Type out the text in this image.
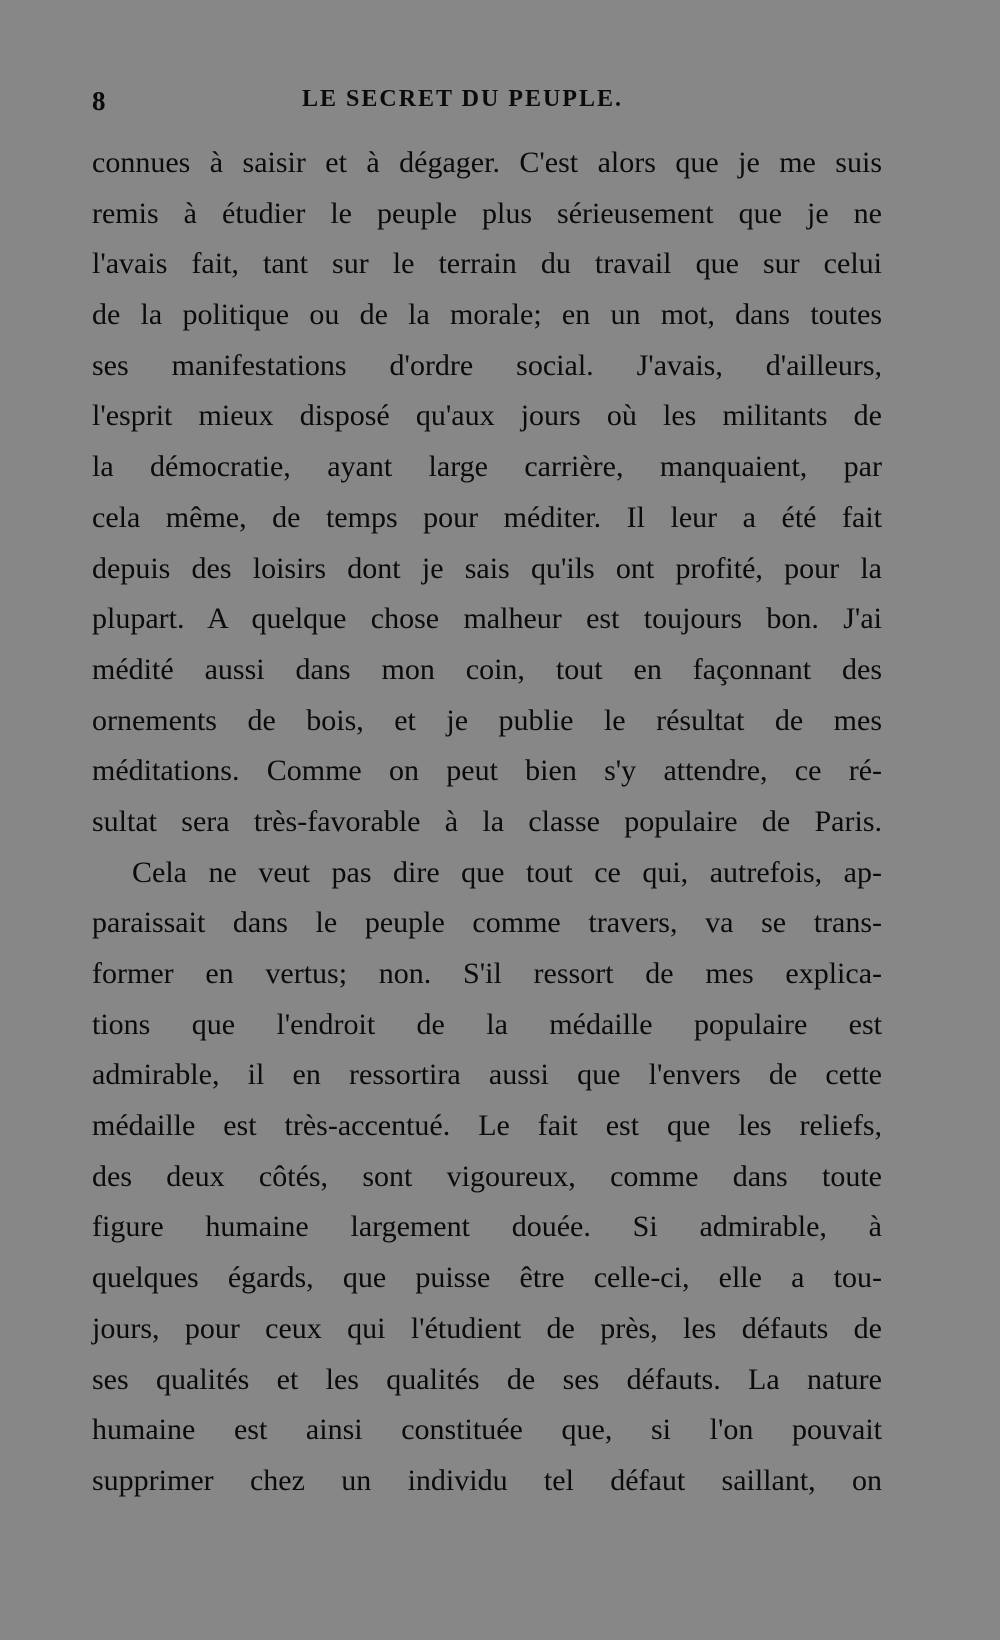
8	LE SECRET DU PEUPLE.
connues à saisir et à dégager. C'est alors que je me suis
remis à étudier le peuple plus sérieusement que je ne
l'avais fait, tant sur le terrain du travail que sur celui
de la politique ou de la morale; en un mot, dans toutes
ses manifestations d'ordre social. J'avais, d'ailleurs,
l'esprit mieux disposé qu'aux jours où les militants de
la démocratie, ayant large carrière, manquaient, par
cela même, de temps pour méditer. Il leur a été fait
depuis des loisirs dont je sais qu'ils ont profité, pour la
plupart. A quelque chose malheur est toujours bon. J'ai
médité aussi dans mon coin, tout en façonnant des
ornements de bois, et je publie le résultat de mes
méditations. Comme on peut bien s'y attendre, ce ré-
sultat sera très-favorable à la classe populaire de Paris.
Cela ne veut pas dire que tout ce qui, autrefois, ap-
paraissait dans le peuple comme travers, va se trans-
former en vertus; non. S'il ressort de mes explica-
tions que l'endroit de la médaille populaire est
admirable, il en ressortira aussi que l'envers de cette
médaille est très-accentué. Le fait est que les reliefs,
des deux côtés, sont vigoureux, comme dans toute
figure humaine largement douée. Si admirable, à
quelques égards, que puisse être celle-ci, elle a tou-
jours, pour ceux qui l'étudient de près, les défauts de
ses qualités et les qualités de ses défauts. La nature
humaine est ainsi constituée que, si l'on pouvait
supprimer chez un individu tel défaut saillant, on
